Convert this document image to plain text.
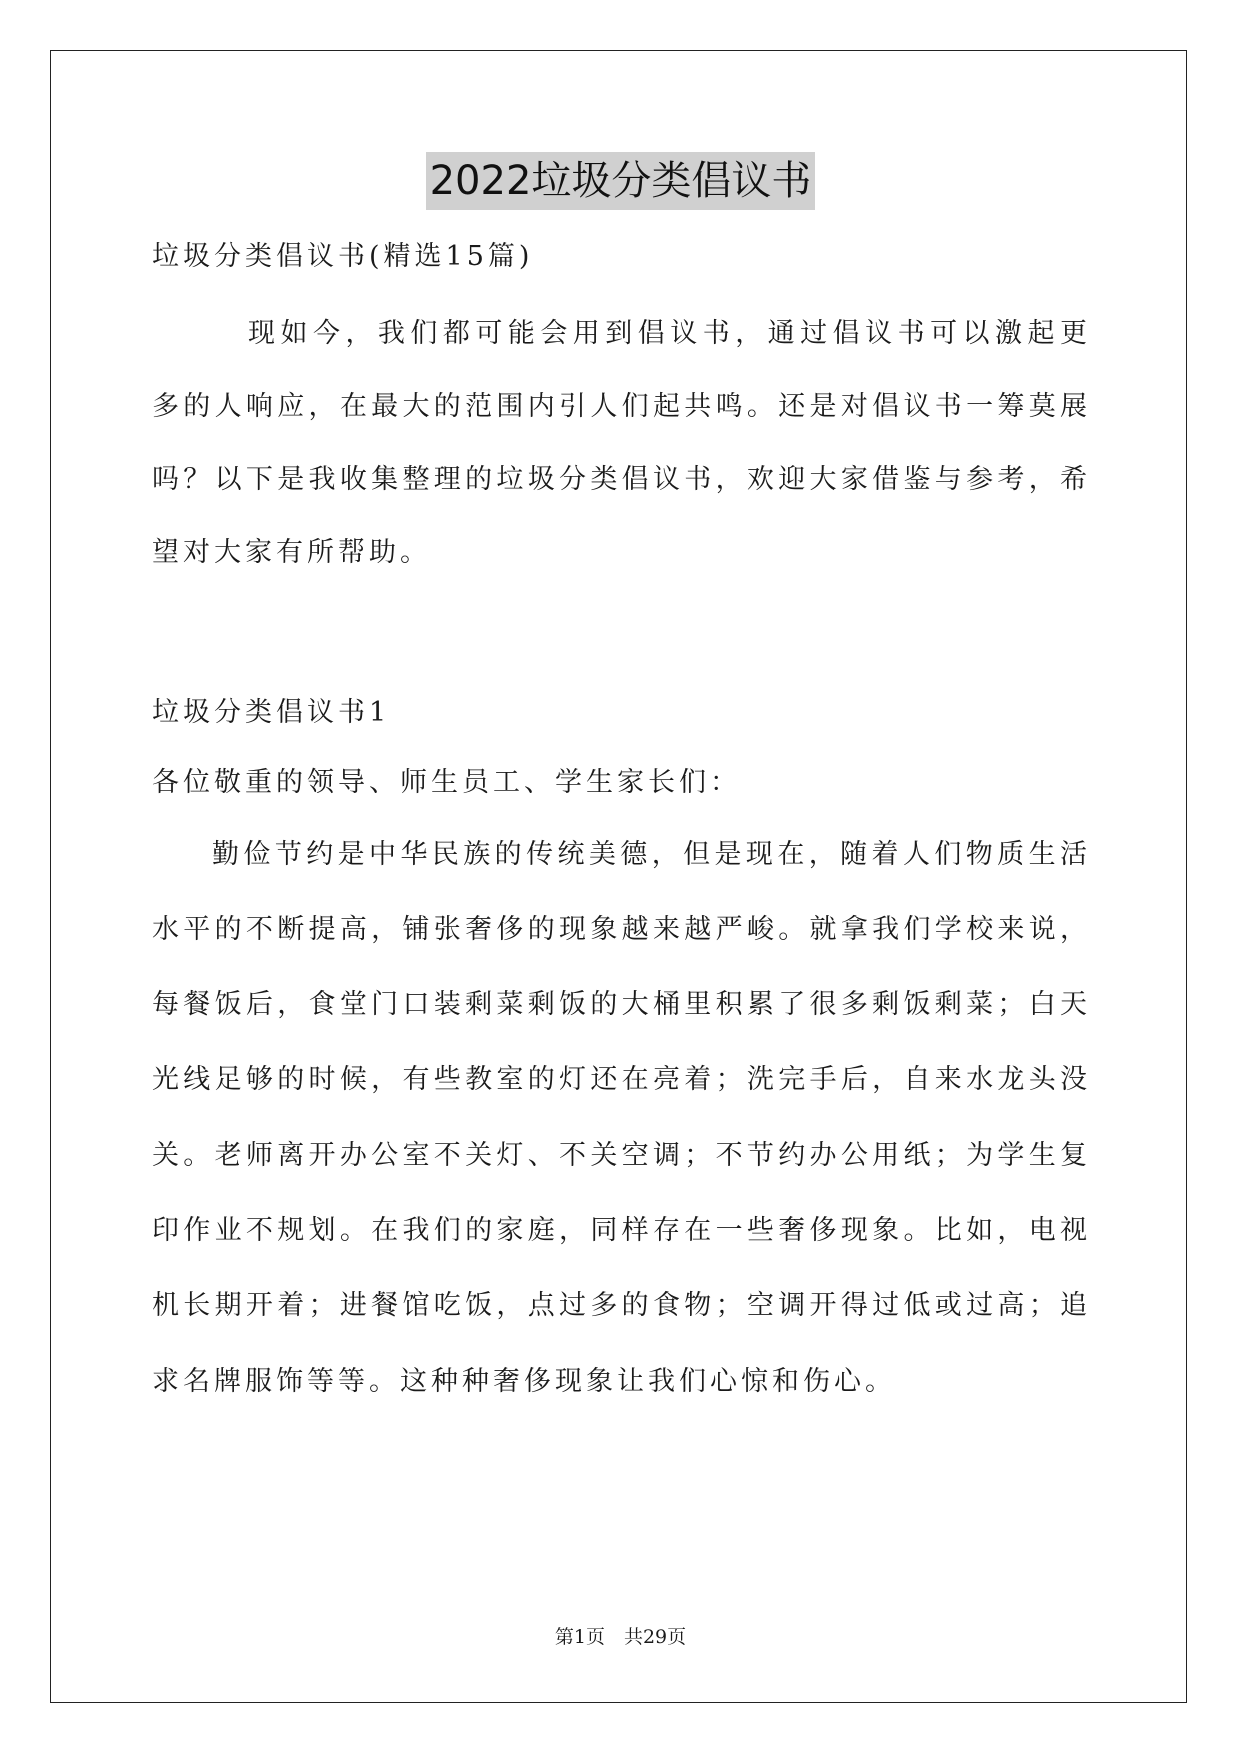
2022垃圾分类倡议书
垃圾分类倡议书(精选15篇)
现如今，我们都可能会用到倡议书，通过倡议书可以激起更
多的人响应，在最大的范围内引人们起共鸣。还是对倡议书一筹莫展
吗？以下是我收集整理的垃圾分类倡议书，欢迎大家借鉴与参考，希
望对大家有所帮助。
垃圾分类倡议书1
各位敬重的领导、师生员工、学生家长们：
勤俭节约是中华民族的传统美德，但是现在，随着人们物质生活
水平的不断提高，铺张奢侈的现象越来越严峻。就拿我们学校来说，
每餐饭后，食堂门口装剩菜剩饭的大桶里积累了很多剩饭剩菜；白天
光线足够的时候，有些教室的灯还在亮着；洗完手后，自来水龙头没
关。老师离开办公室不关灯、不关空调；不节约办公用纸；为学生复
印作业不规划。在我们的家庭，同样存在一些奢侈现象。比如，电视
机长期开着；进餐馆吃饭，点过多的食物；空调开得过低或过高；追
求名牌服饰等等。这种种奢侈现象让我们心惊和伤心。
第1页　共29页
